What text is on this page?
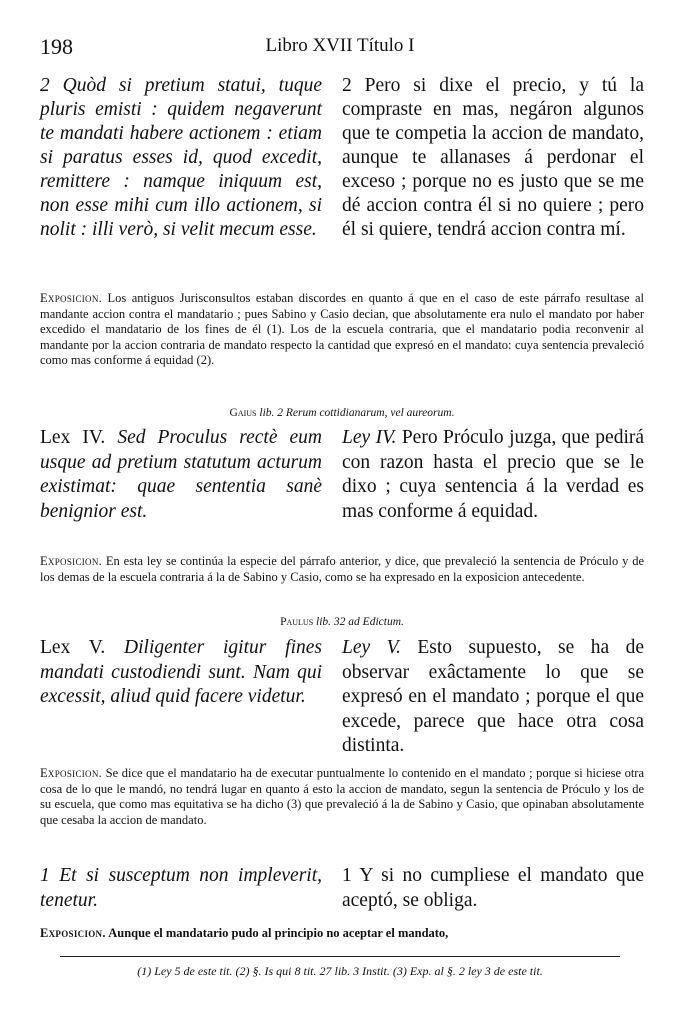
198	Libro XVII Título I
2 Quòd si pretium statui, tuque pluris emisti : quidem negaverunt te mandati habere actionem : etiam si paratus esses id, quod excedit, remittere : namque iniquum est, non esse mihi cum illo actionem, si nolit : illi verò, si velit mecum esse.
2 Pero si dixe el precio, y tú la compraste en mas, negáron algunos que te competia la accion de mandato, aunque te allanases á perdonar el exceso ; porque no es justo que se me dé accion contra él si no quiere ; pero él si quiere, tendrá accion contra mí.
Exposicion. Los antiguos Jurisconsultos estaban discordes en quanto á que en el caso de este párrafo resultase al mandante accion contra el mandatario ; pues Sabino y Casio decian, que absolutamente era nulo el mandato por haber excedido el mandatario de los fines de él (1). Los de la escuela contraria, que el mandatario podia reconvenir al mandante por la accion contraria de mandato respecto la cantidad que expresó en el mandato: cuya sentencia prevaleció como mas conforme á equidad (2).
Gaius lib. 2 Rerum cottidianarum, vel aureorum.
Lex IV. Sed Proculus rectè eum usque ad pretium statutum acturum existimat: quae sententia sanè benignior est.
Ley IV. Pero Próculo juzga, que pedirá con razon hasta el precio que se le dixo ; cuya sentencia á la verdad es mas conforme á equidad.
Exposicion. En esta ley se continúa la especie del párrafo anterior, y dice, que prevaleció la sentencia de Próculo y de los demas de la escuela contraria á la de Sabino y Casio, como se ha expresado en la exposicion antecedente.
Paulus lib. 32 ad Edictum.
Lex V. Diligenter igitur fines mandati custodiendi sunt. Nam qui excessit, aliud quid facere videtur.
Ley V. Esto supuesto, se ha de observar exâctamente lo que se expresó en el mandato ; porque el que excede, parece que hace otra cosa distinta.
Exposicion. Se dice que el mandatario ha de executar puntualmente lo contenido en el mandato ; porque si hiciese otra cosa de lo que le mandó, no tendrá lugar en quanto á esto la accion de mandato, segun la sentencia de Próculo y los de su escuela, que como mas equitativa se ha dicho (3) que prevaleció á la de Sabino y Casio, que opinaban absolutamente que cesaba la accion de mandato.
1 Et si susceptum non impleverit, tenetur.
1 Y si no cumpliese el mandato que aceptó, se obliga.
Exposicion. Aunque el mandatario pudo al principio no aceptar el mandato,
(1) Ley 5 de este tit. (2) §. Is qui 8 tit. 27 lib. 3 Instit. (3) Exp. al §. 2 ley 3 de este tit.
